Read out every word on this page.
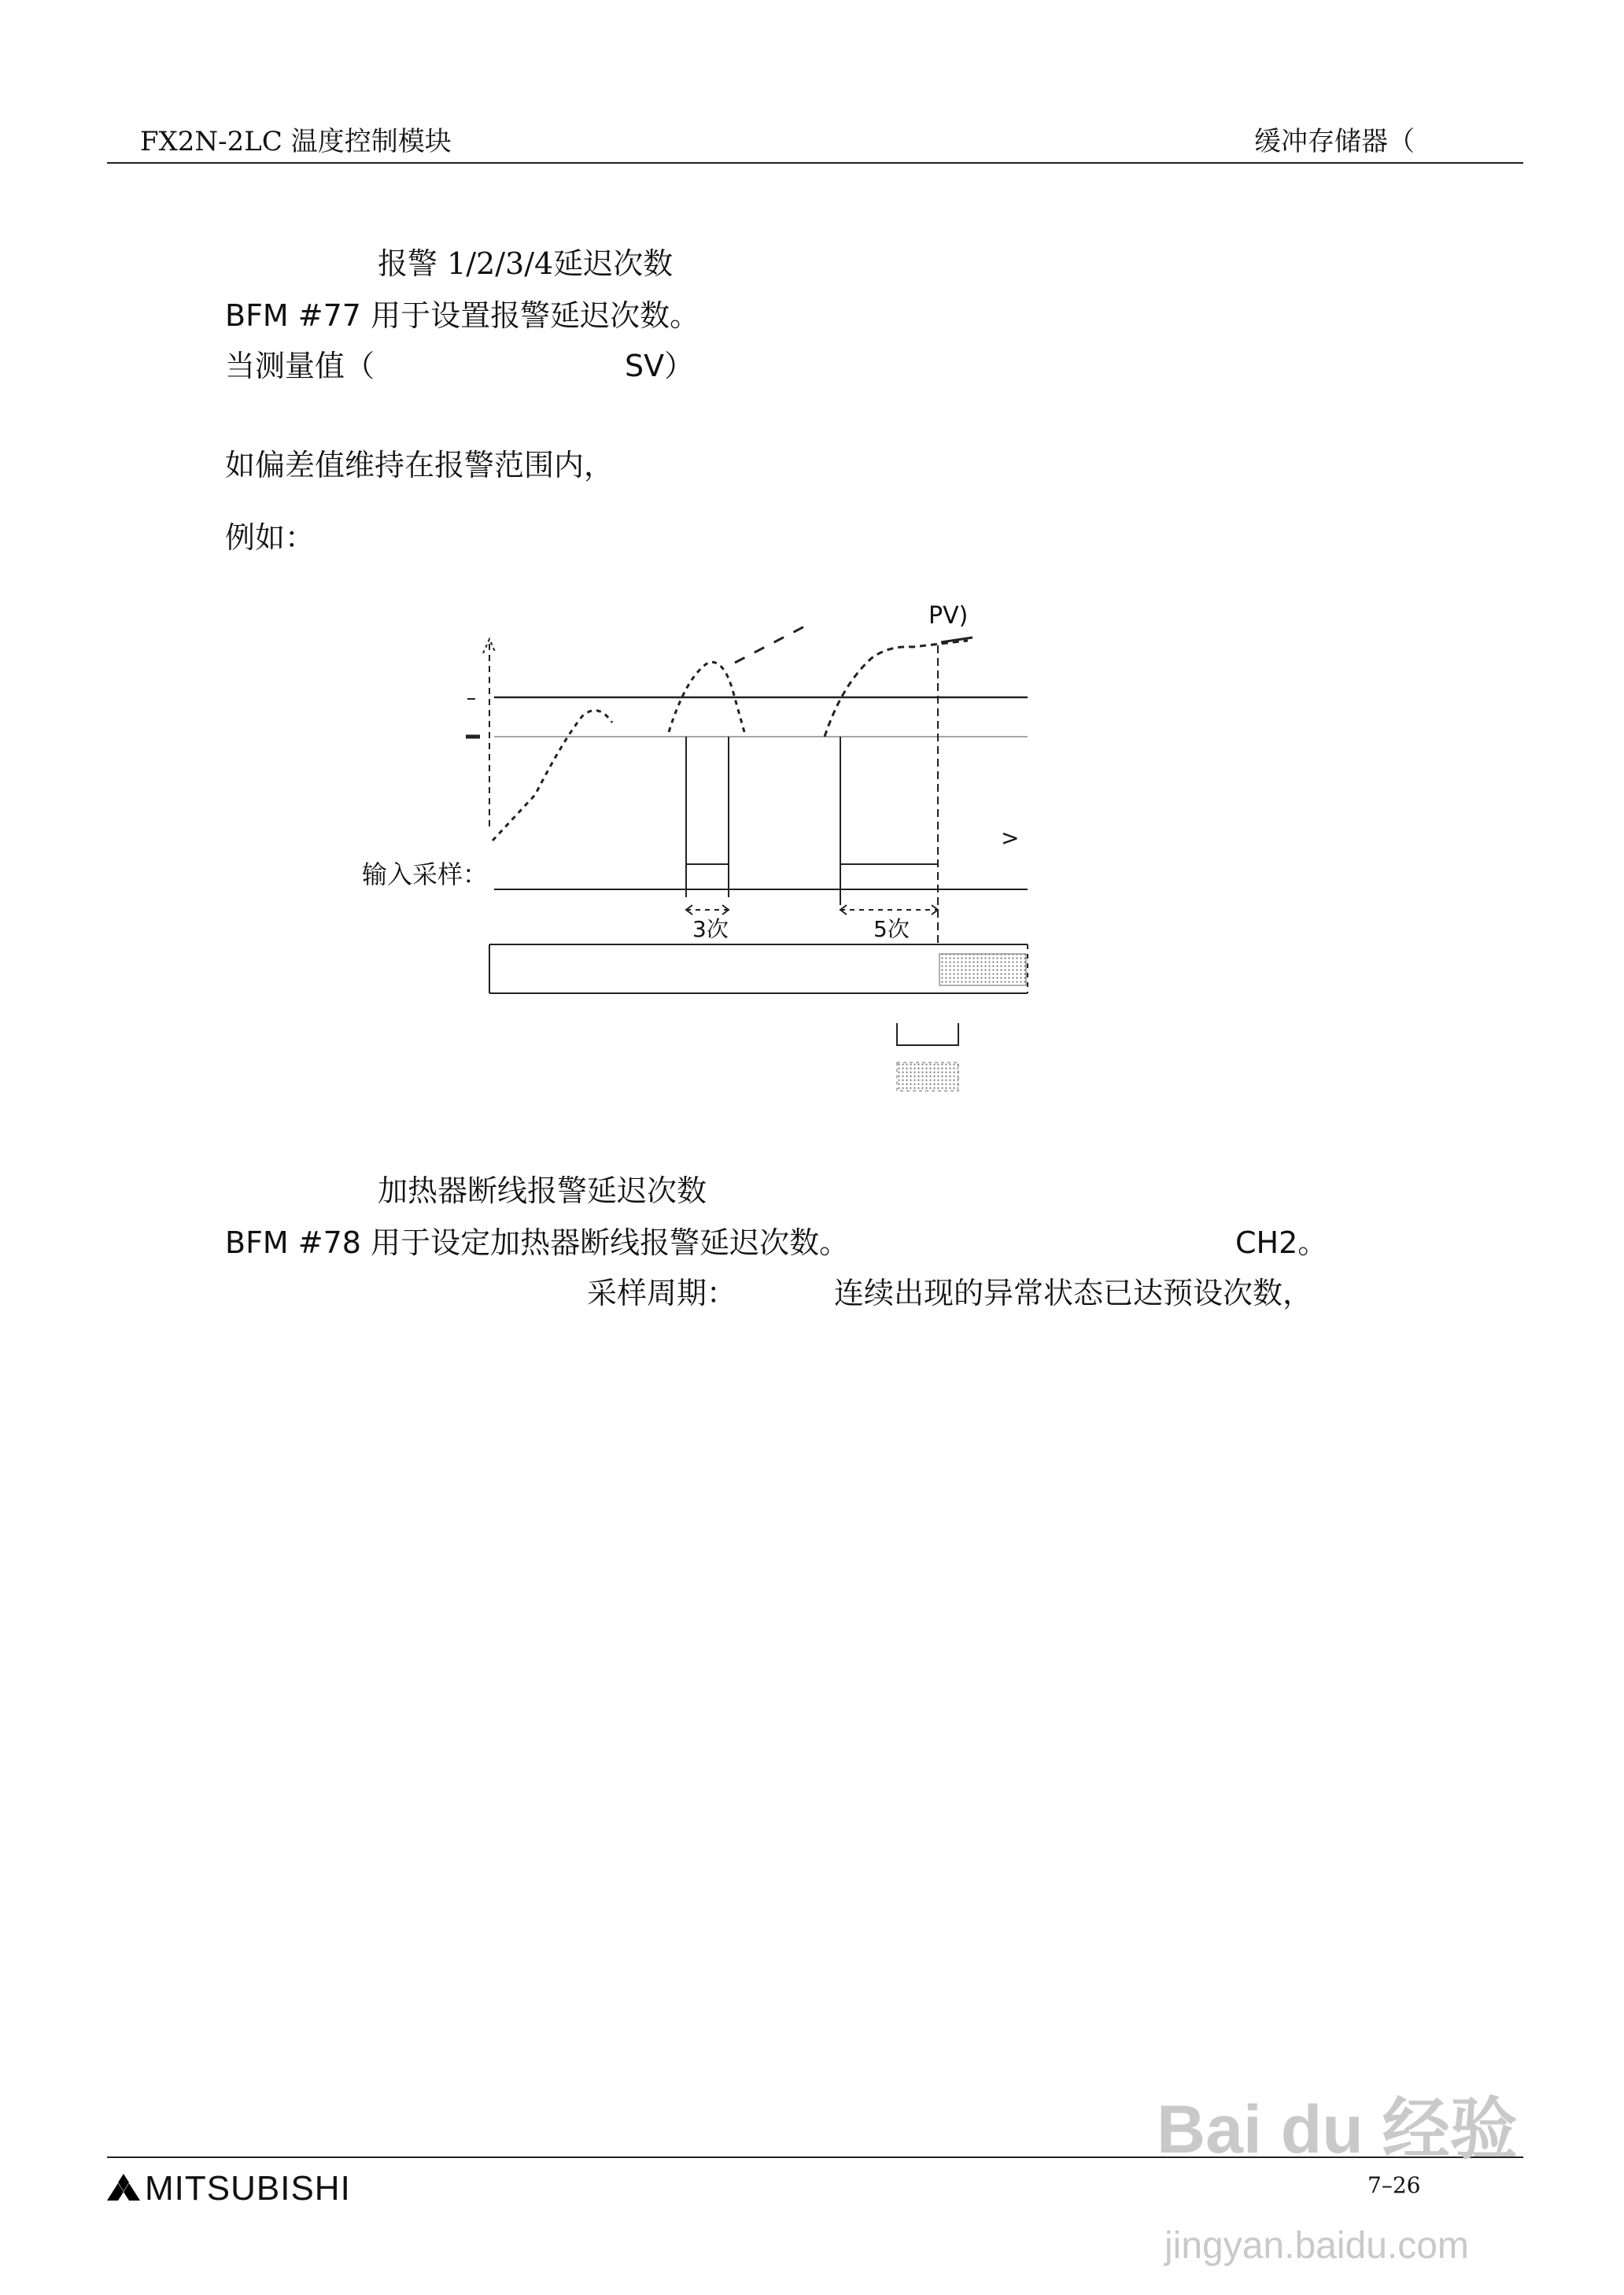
FX2N-2LC 温度控制模块	缓冲存储器（
报警 1/2/3/4延迟次数
BFM #77 用于设置报警延迟次数。
当测量值（	SV）
如偏差值维持在报警范围内，
例如：
PV)
输入采样：
3次	5次
>
加热器断线报警延迟次数
BFM #78 用于设定加热器断线报警延迟次数。	CH2。
采样周期：	连续出现的异常状态已达预设次数，
MITSUBISHI	7–26
Bai du 经验
jingyan.baidu.com
